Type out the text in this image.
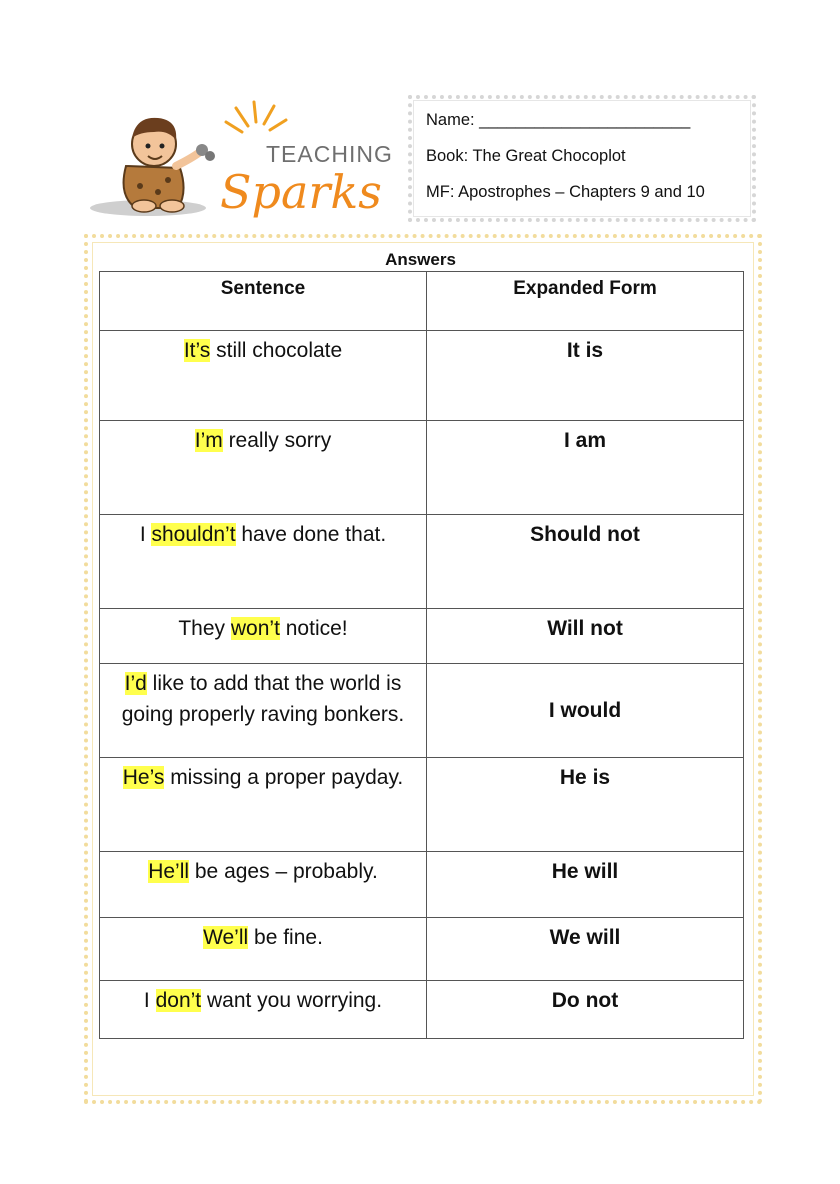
TEACHING
Sparks
Name: _______________________
Book: The Great Chocoplot
MF: Apostrophes – Chapters 9 and 10
Answers
Sentence	Expanded Form
It’s still chocolate	It is
I’m really sorry	I am
I shouldn’t have done that.	Should not
They won’t notice!	Will not
I’d like to add that the world is going properly raving bonkers.	I would
He’s missing a proper payday.	He is
He’ll be ages – probably.	He will
We’ll be fine.	We will
I don’t want you worrying.	Do not
